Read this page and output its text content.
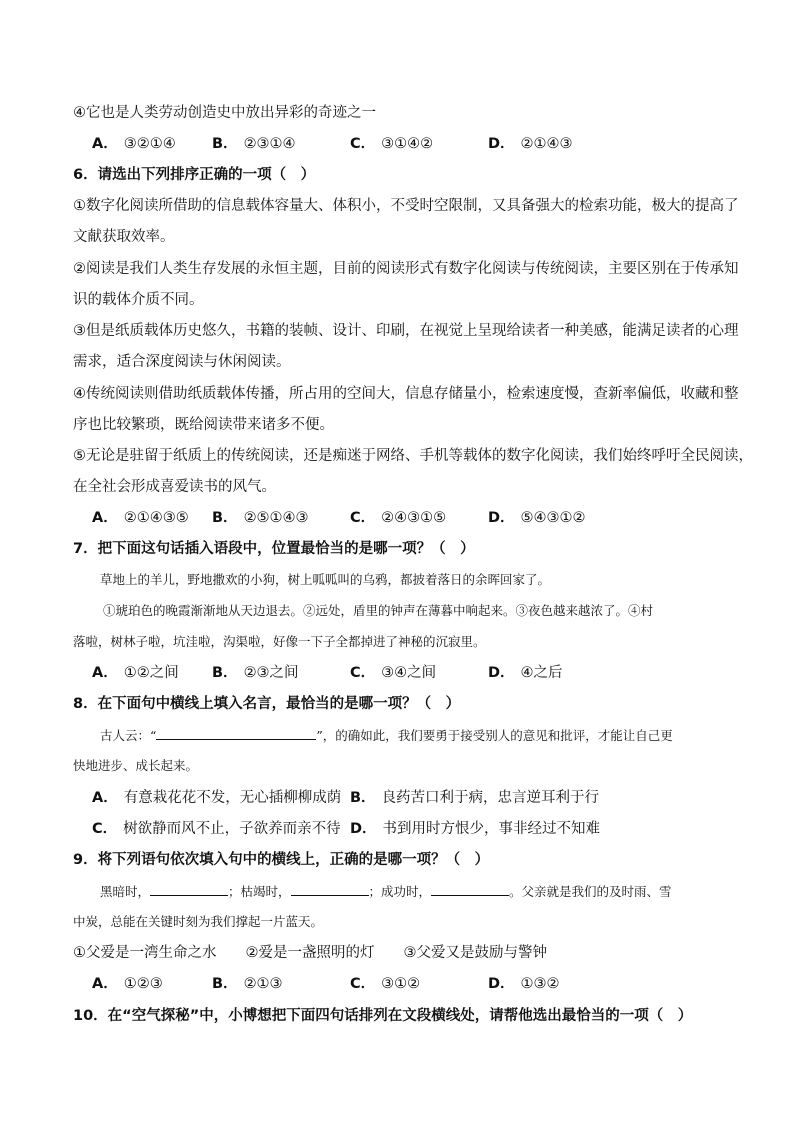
④它也是人类劳动创造史中放出异彩的奇迹之一
A． ③②①④	B． ②③①④	C． ③①④②	D． ②①④③
6．请选出下列排序正确的一项（　）
①数字化阅读所借助的信息载体容量大、体积小，不受时空限制，又具备强大的检索功能，极大的提高了
文献获取效率。
②阅读是我们人类生存发展的永恒主题，目前的阅读形式有数字化阅读与传统阅读，主要区别在于传承知
识的载体介质不同。
③但是纸质载体历史悠久，书籍的装帧、设计、印刷，在视觉上呈现给读者一种美感，能满足读者的心理
需求，适合深度阅读与休闲阅读。
④传统阅读则借助纸质载体传播，所占用的空间大，信息存储量小，检索速度慢，查新率偏低，收藏和整
序也比较繁琐，既给阅读带来诸多不便。
⑤无论是驻留于纸质上的传统阅读，还是痴迷于网络、手机等载体的数字化阅读，我们始终呼吁全民阅读，
在全社会形成喜爱读书的风气。
A． ②①④③⑤ B． ②⑤①④③	C． ②④③①⑤	D． ⑤④③①②
7．把下面这句话插入语段中，位置最恰当的是哪一项？（　）
草地上的羊儿，野地撒欢的小狗，树上呱呱叫的乌鸦，都披着落日的余晖回家了。
①琥珀色的晚霞渐渐地从天边退去。②远处，盾里的钟声在薄暮中响起来。③夜色越来越浓了。④村
落啦，树林子啦，坑洼啦，沟渠啦，好像一下子全都掉进了神秘的沉寂里。
A． ①②之间 B． ②③之间	C． ③④之间	D． ④之后
8．在下面句中横线上填入名言，最恰当的是哪一项？（　）
古人云：“	”，的确如此，我们要勇于接受别人的意见和批评，才能让自己更
快地进步、成长起来。
A． 有意栽花花不发，无心插柳柳成荫 B． 良药苦口利于病，忠言逆耳利于行
C． 树欲静而风不止，子欲养而亲不待 D． 书到用时方恨少，事非经过不知难
9．将下列语句依次填入句中的横线上，正确的是哪一项？（　）
黑暗时，	；枯竭时，	；成功时，	。父亲就是我们的及时雨、雪
中炭，总能在关键时刻为我们撑起一片蓝天。
①父爱是一湾生命之水　　②爱是一盏照明的灯　　③父爱又是鼓励与警钟
A． ①②③	B． ②①③	C． ③①②	D． ①③②
10．在“空气探秘”中，小博想把下面四句话排列在文段横线处，请帮他选出最恰当的一项（　）
